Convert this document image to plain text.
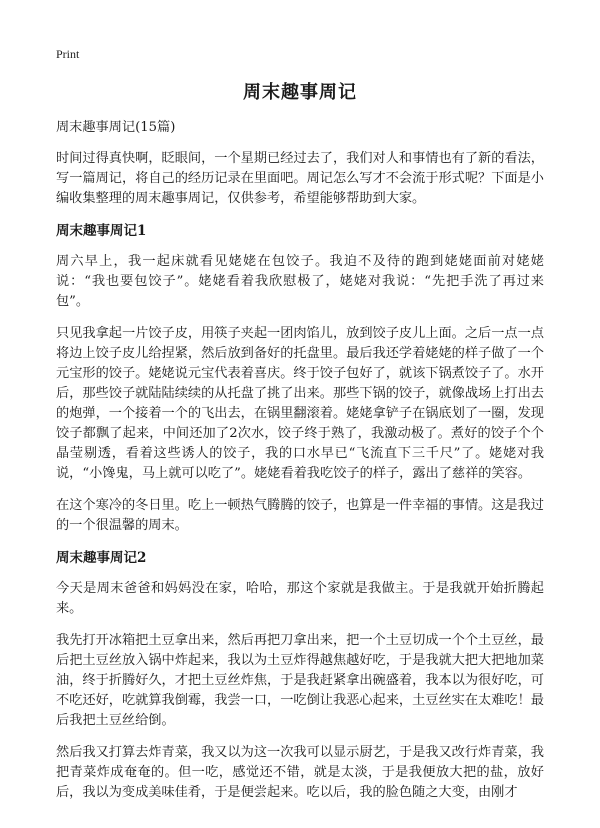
Print
周末趣事周记

周末趣事周记(15篇)

时间过得真快啊，眨眼间，一个星期已经过去了，我们对人和事情也有了新的看法，写一篇周记，将自己的经历记录在里面吧。周记怎么写才不会流于形式呢？下面是小编收集整理的周末趣事周记，仅供参考，希望能够帮助到大家。

周末趣事周记1

周六早上，我一起床就看见姥姥在包饺子。我迫不及待的跑到姥姥面前对姥姥说：“我也要包饺子”。姥姥看着我欣慰极了，姥姥对我说：“先把手洗了再过来包”。

只见我拿起一片饺子皮，用筷子夹起一团肉馅儿，放到饺子皮儿上面。之后一点一点将边上饺子皮儿给捏紧，然后放到备好的托盘里。最后我还学着姥姥的样子做了一个元宝形的饺子。姥姥说元宝代表着喜庆。终于饺子包好了，就该下锅煮饺子了。水开后，那些饺子就陆陆续续的从托盘了挑了出来。那些下锅的饺子，就像战场上打出去的炮弹，一个接着一个的飞出去，在锅里翻滚着。姥姥拿铲子在锅底划了一圈，发现饺子都飘了起来，中间还加了2次水，饺子终于熟了，我激动极了。煮好的饺子个个晶莹剔透，看着这些诱人的饺子，我的口水早已“飞流直下三千尺”了。姥姥对我说，“小馋鬼，马上就可以吃了”。姥姥看着我吃饺子的样子，露出了慈祥的笑容。

在这个寒冷的冬日里。吃上一顿热气腾腾的饺子，也算是一件幸福的事情。这是我过的一个很温馨的周末。

周末趣事周记2

今天是周末爸爸和妈妈没在家，哈哈，那这个家就是我做主。于是我就开始折腾起来。

我先打开冰箱把土豆拿出来，然后再把刀拿出来，把一个土豆切成一个个土豆丝，最后把土豆丝放入锅中炸起来，我以为土豆炸得越焦越好吃，于是我就大把大把地加菜油，终于折腾好久，才把土豆丝炸焦，于是我赶紧拿出碗盛着，我本以为很好吃，可不吃还好，吃就算我倒霉，我尝一口，一吃倒让我恶心起来，土豆丝实在太难吃！最后我把土豆丝给倒。

然后我又打算去炸青菜，我又以为这一次我可以显示厨艺，于是我又改行炸青菜，我把青菜炸成奄奄的。但一吃，感觉还不错，就是太淡，于是我便放大把的盐，放好后，我以为变成美味佳肴，于是便尝起来。吃以后，我的脸色随之大变，由刚才
